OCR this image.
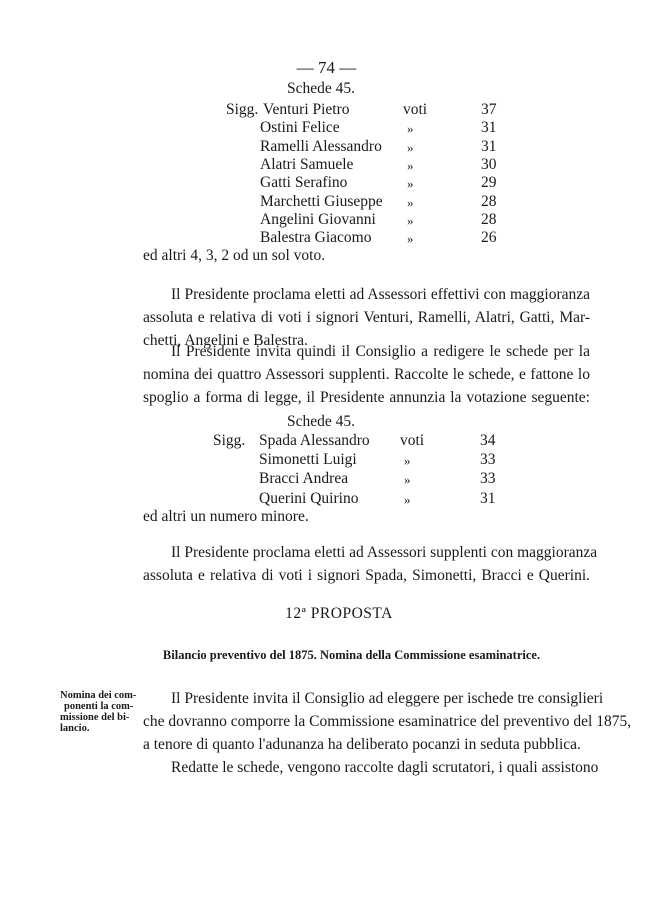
— 74 —
Schede 45.
Sigg. Venturi Pietro	voti	37
Ostini Felice	»	31
Ramelli Alessandro »	31
Alatri Samuele	»	30
Gatti Serafino	»	29
Marchetti Giuseppe »	28
Angelini Giovanni »	28
Balestra Giacomo	»	26
ed altri 4, 3, 2 od un sol voto.
Il Presidente proclama eletti ad Assessori effettivi con maggioranza
assoluta e relativa di voti i signori Venturi, Ramelli, Alatri, Gatti, Mar-
chetti, Angelini e Balestra.
Il Presidente invita quindi il Consiglio a redigere le schede per la
nomina dei quattro Assessori supplenti. Raccolte le schede, e fattone lo
spoglio a forma di legge, il Presidente annunzia la votazione seguente:
Schede 45.
Sigg. Spada Alessandro voti	34
Simonetti Luigi	»	33
Bracci Andrea	»	33
Querini Quirino	»	31
ed altri un numero minore.
Il Presidente proclama eletti ad Assessori supplenti con maggioranza
assoluta e relativa di voti i signori Spada, Simonetti, Bracci e Querini.
12ª PROPOSTA
Bilancio preventivo del 1875. Nomina della Commissione esaminatrice.
Nomina dei com-
ponenti la com-
missione del bi-
lancio.
Il Presidente invita il Consiglio ad eleggere per ischede tre consiglieri
che dovranno comporre la Commissione esaminatrice del preventivo del 1875,
a tenore di quanto l'adunanza ha deliberato pocanzi in seduta pubblica.
Redatte le schede, vengono raccolte dagli scrutatori, i quali assistono
